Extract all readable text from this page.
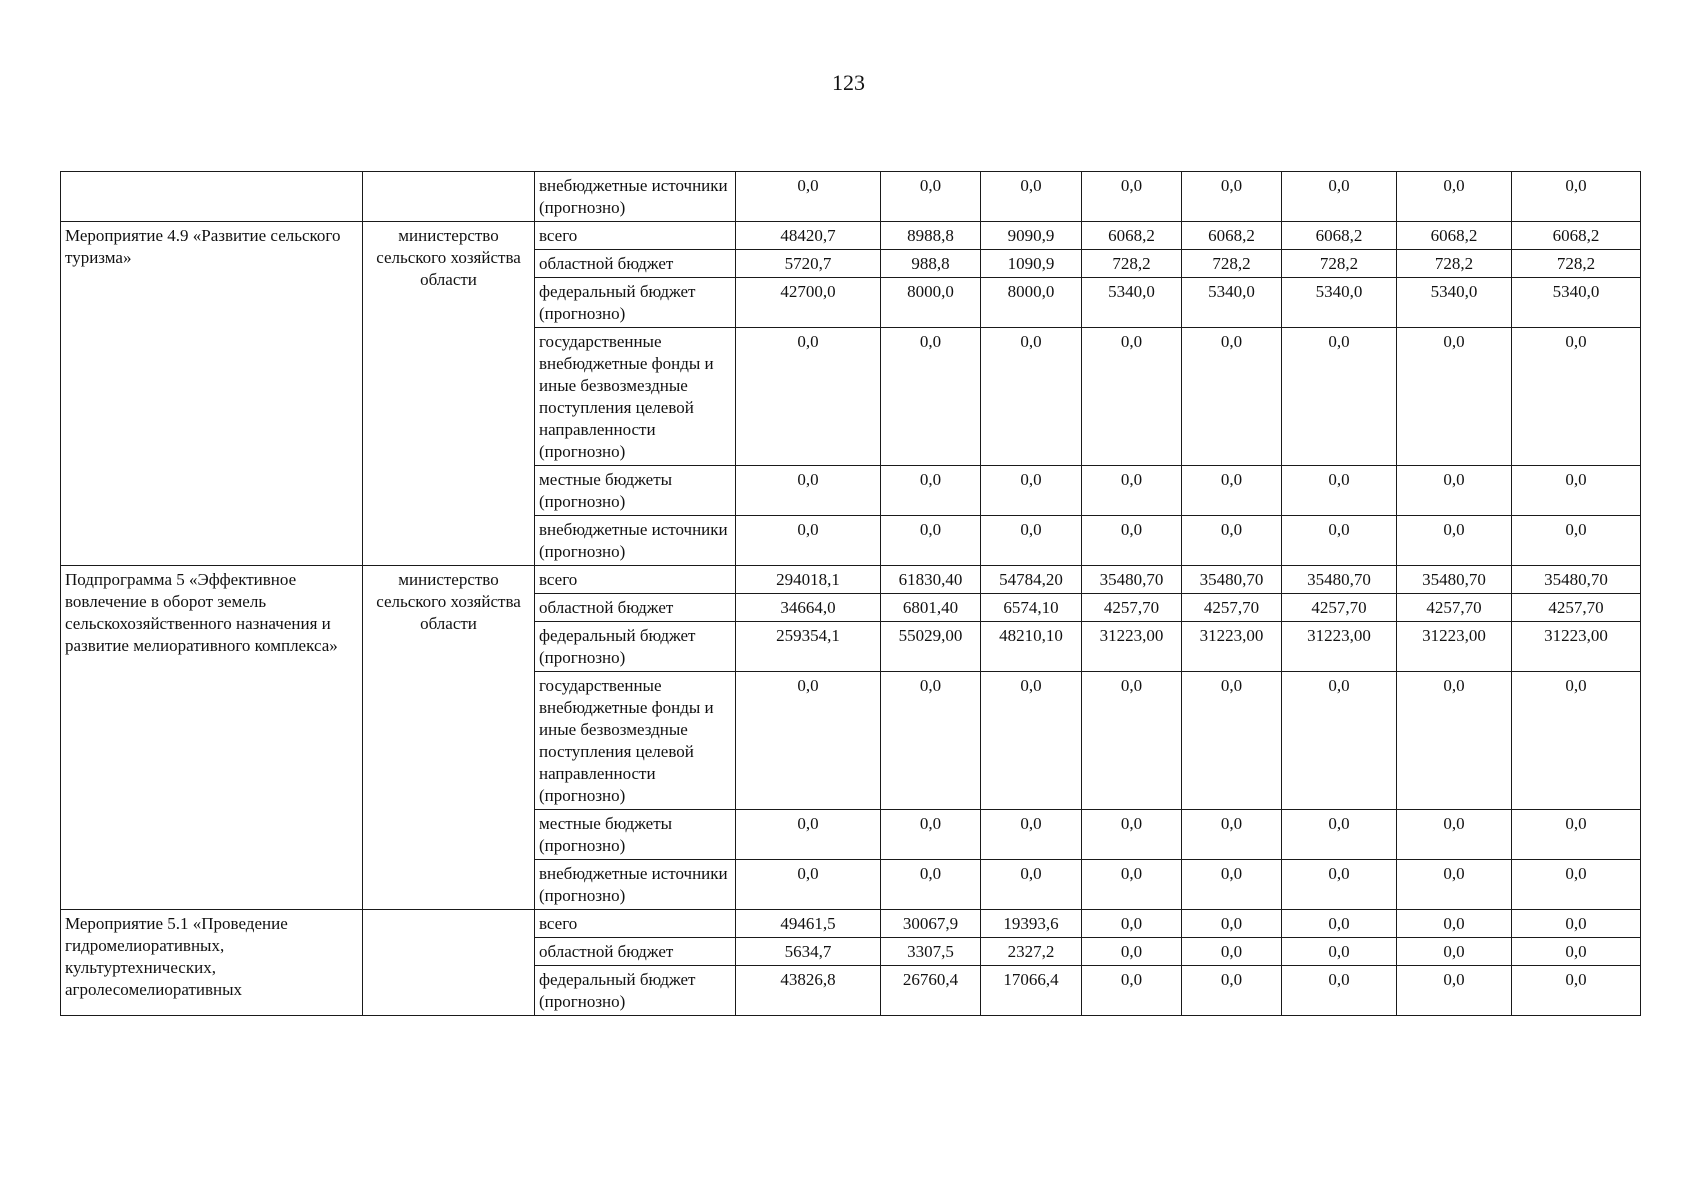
123
		внебюджетные источники (прогнозно)	0,0	0,0	0,0	0,0	0,0	0,0	0,0	0,0
Мероприятие 4.9 «Развитие сельского туризма»	министерство сельского хозяйства области	всего	48420,7	8988,8	9090,9	6068,2	6068,2	6068,2	6068,2	6068,2
		областной бюджет	5720,7	988,8	1090,9	728,2	728,2	728,2	728,2	728,2
		федеральный бюджет (прогнозно)	42700,0	8000,0	8000,0	5340,0	5340,0	5340,0	5340,0	5340,0
		государственные внебюджетные фонды и иные безвозмездные поступления целевой направленности (прогнозно)	0,0	0,0	0,0	0,0	0,0	0,0	0,0	0,0
		местные бюджеты (прогнозно)	0,0	0,0	0,0	0,0	0,0	0,0	0,0	0,0
		внебюджетные источники (прогнозно)	0,0	0,0	0,0	0,0	0,0	0,0	0,0	0,0
Подпрограмма 5 «Эффективное вовлечение в оборот земель сельскохозяйственного назначения и развитие мелиоративного комплекса»	министерство сельского хозяйства области	всего	294018,1	61830,40	54784,20	35480,70	35480,70	35480,70	35480,70	35480,70
		областной бюджет	34664,0	6801,40	6574,10	4257,70	4257,70	4257,70	4257,70	4257,70
		федеральный бюджет (прогнозно)	259354,1	55029,00	48210,10	31223,00	31223,00	31223,00	31223,00	31223,00
		государственные внебюджетные фонды и иные безвозмездные поступления целевой направленности (прогнозно)	0,0	0,0	0,0	0,0	0,0	0,0	0,0	0,0
		местные бюджеты (прогнозно)	0,0	0,0	0,0	0,0	0,0	0,0	0,0	0,0
		внебюджетные источники (прогнозно)	0,0	0,0	0,0	0,0	0,0	0,0	0,0	0,0
Мероприятие 5.1 «Проведение гидромелиоративных, культуртехнических, агролесомелиоративных		всего	49461,5	30067,9	19393,6	0,0	0,0	0,0	0,0	0,0
		областной бюджет	5634,7	3307,5	2327,2	0,0	0,0	0,0	0,0	0,0
		федеральный бюджет (прогнозно)	43826,8	26760,4	17066,4	0,0	0,0	0,0	0,0	0,0
